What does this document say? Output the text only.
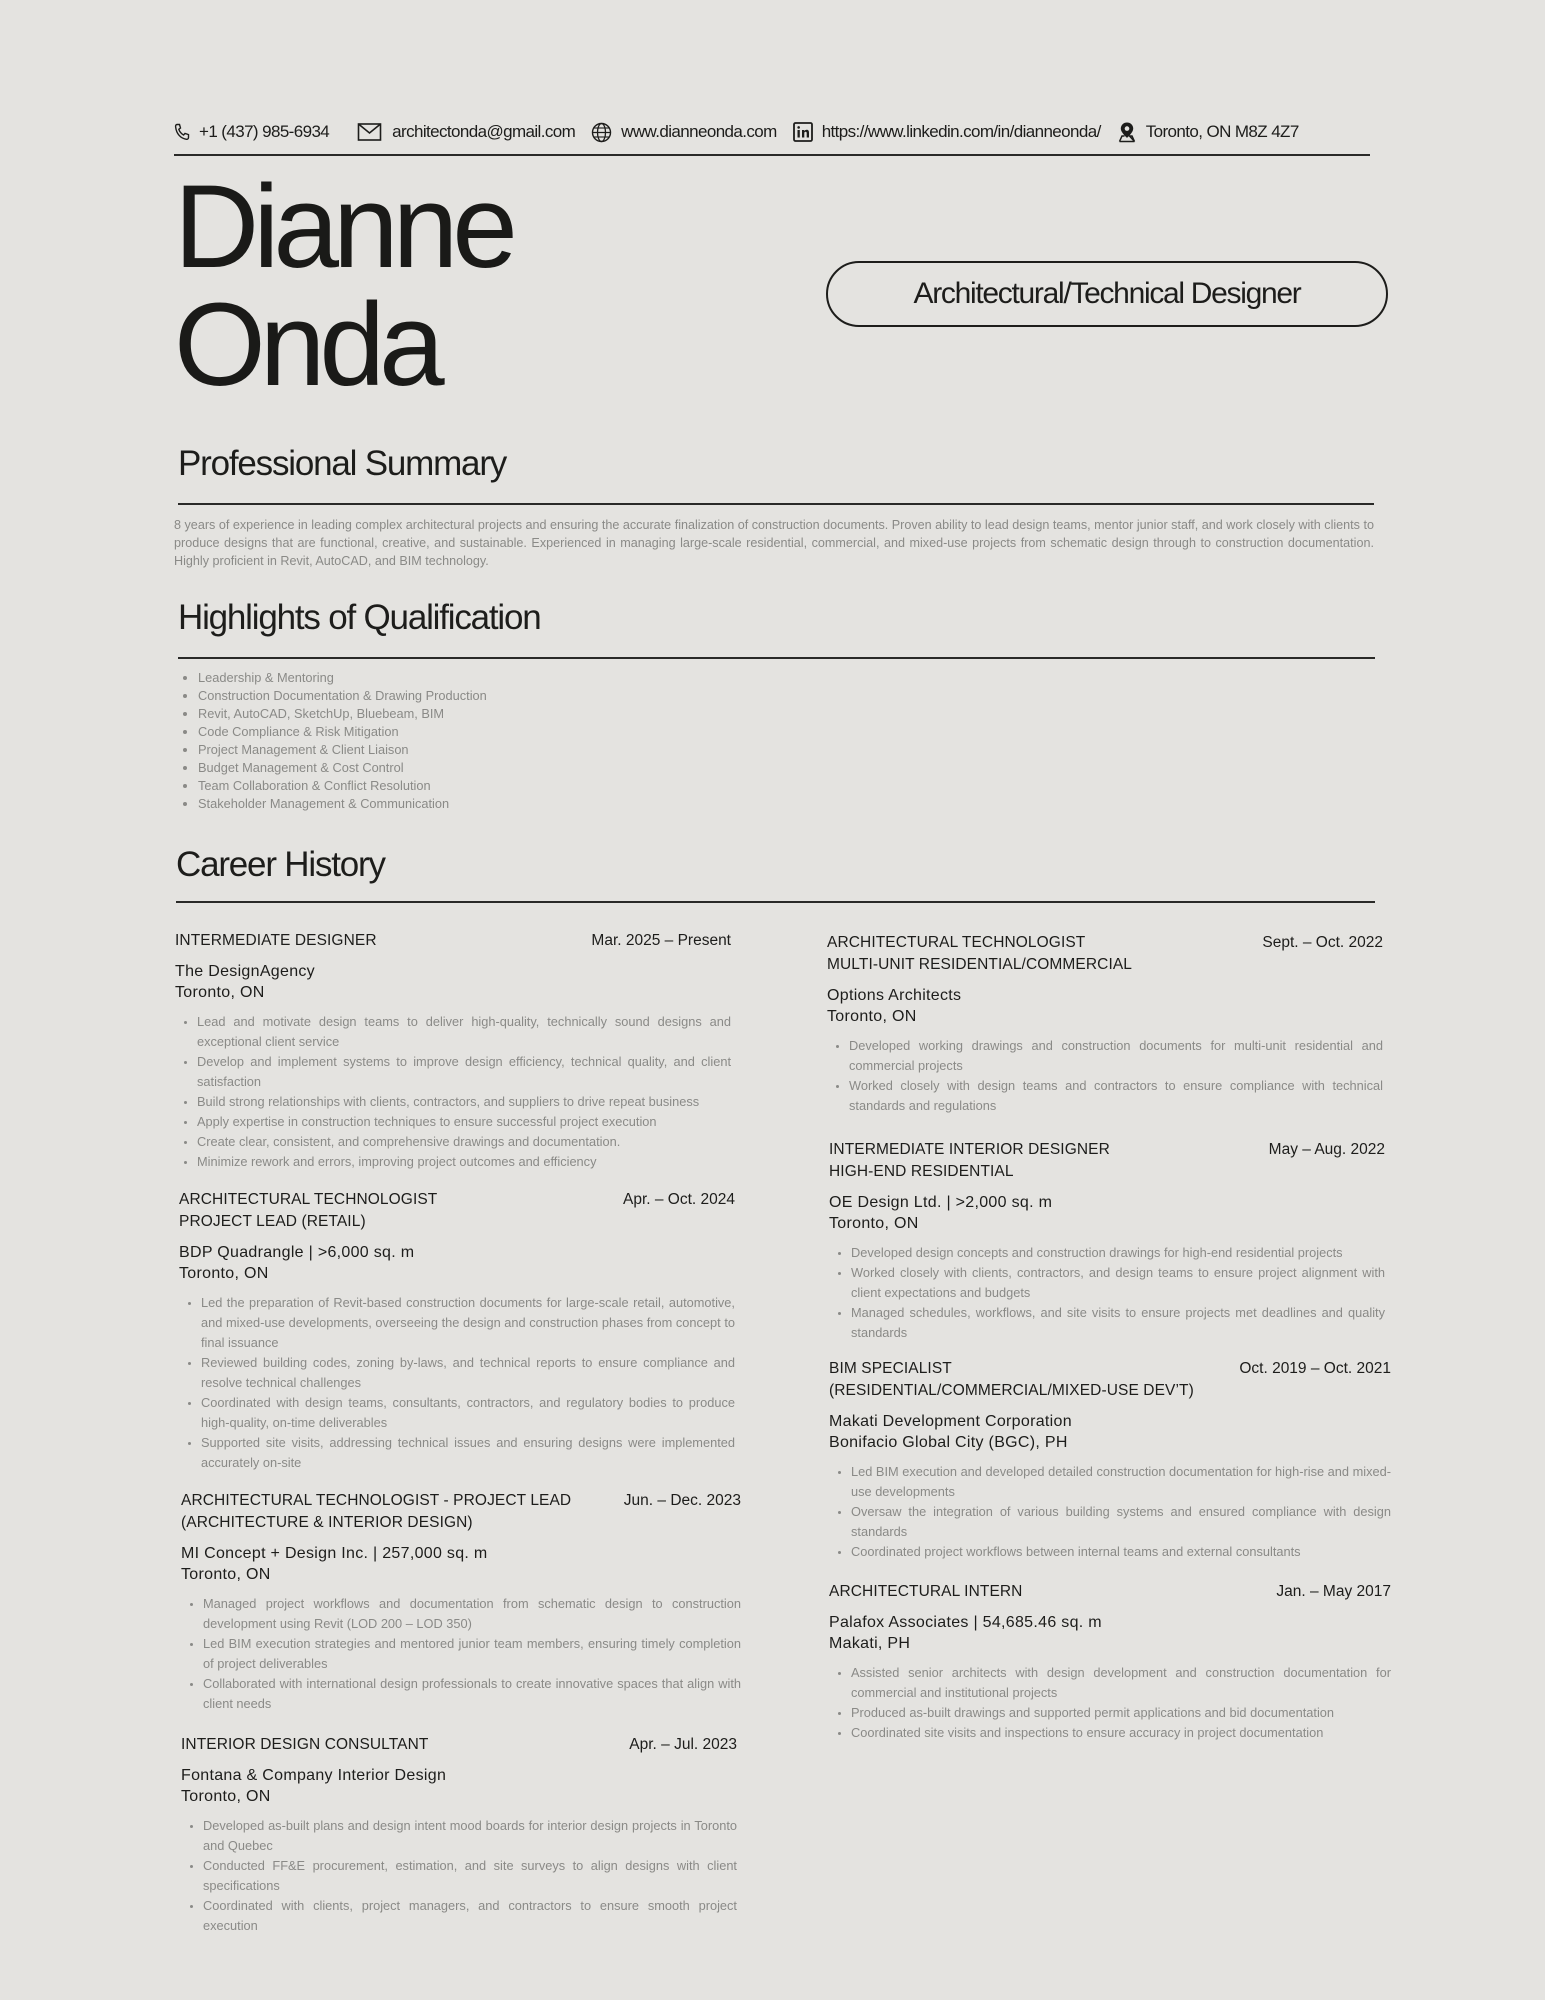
+1 (437) 985-6934	architectonda@gmail.com	www.dianneonda.com	https://www.linkedin.com/in/dianneonda/	Toronto, ON M8Z 4Z7
Dianne
Onda	Architectural/Technical Designer
Professional Summary
8 years of experience in leading complex architectural projects and ensuring the accurate finalization of construction documents. Proven ability to lead design teams, mentor junior staff, and work closely with clients to produce designs that are functional, creative, and sustainable. Experienced in managing large-scale residential, commercial, and mixed-use projects from schematic design through to construction documentation. Highly proficient in Revit, AutoCAD, and BIM technology.
Highlights of Qualification
• Leadership & Mentoring
• Construction Documentation & Drawing Production
• Revit, AutoCAD, SketchUp, Bluebeam, BIM
• Code Compliance & Risk Mitigation
• Project Management & Client Liaison
• Budget Management & Cost Control
• Team Collaboration & Conflict Resolution
• Stakeholder Management & Communication
Career History
INTERMEDIATE DESIGNER	Mar. 2025 – Present
The DesignAgency
Toronto, ON
• Lead and motivate design teams to deliver high-quality, technically sound designs and exceptional client service
• Develop and implement systems to improve design efficiency, technical quality, and client satisfaction
• Build strong relationships with clients, contractors, and suppliers to drive repeat business
• Apply expertise in construction techniques to ensure successful project execution
• Create clear, consistent, and comprehensive drawings and documentation.
• Minimize rework and errors, improving project outcomes and efficiency
ARCHITECTURAL TECHNOLOGIST
PROJECT LEAD (RETAIL)
Apr. – Oct. 2024
BDP Quadrangle | >6,000 sq. m
Toronto, ON
• Led the preparation of Revit-based construction documents for large-scale retail, automotive, and mixed-use developments, overseeing the design and construction phases from concept to final issuance
• Reviewed building codes, zoning by-laws, and technical reports to ensure compliance and resolve technical challenges
• Coordinated with design teams, consultants, contractors, and regulatory bodies to produce high-quality, on-time deliverables
• Supported site visits, addressing technical issues and ensuring designs were implemented accurately on-site
ARCHITECTURAL TECHNOLOGIST - PROJECT LEAD
(ARCHITECTURE & INTERIOR DESIGN)
Jun. – Dec. 2023
MI Concept + Design Inc. | 257,000 sq. m
Toronto, ON
• Managed project workflows and documentation from schematic design to construction development using Revit (LOD 200 – LOD 350)
• Led BIM execution strategies and mentored junior team members, ensuring timely completion of project deliverables
• Collaborated with international design professionals to create innovative spaces that align with client needs
INTERIOR DESIGN CONSULTANT	Apr. – Jul. 2023
Fontana & Company Interior Design
Toronto, ON
• Developed as-built plans and design intent mood boards for interior design projects in Toronto and Quebec
• Conducted FF&E procurement, estimation, and site surveys to align designs with client specifications
• Coordinated with clients, project managers, and contractors to ensure smooth project execution
ARCHITECTURAL TECHNOLOGIST
MULTI-UNIT RESIDENTIAL/COMMERCIAL
Sept. – Oct. 2022
Options Architects
Toronto, ON
• Developed working drawings and construction documents for multi-unit residential and commercial projects
• Worked closely with design teams and contractors to ensure compliance with technical standards and regulations
INTERMEDIATE INTERIOR DESIGNER
HIGH-END RESIDENTIAL
May – Aug. 2022
OE Design Ltd. | >2,000 sq. m
Toronto, ON
• Developed design concepts and construction drawings for high-end residential projects
• Worked closely with clients, contractors, and design teams to ensure project alignment with client expectations and budgets
• Managed schedules, workflows, and site visits to ensure projects met deadlines and quality standards
BIM SPECIALIST
(RESIDENTIAL/COMMERCIAL/MIXED-USE DEV’T)
Oct. 2019 – Oct. 2021
Makati Development Corporation
Bonifacio Global City (BGC), PH
• Led BIM execution and developed detailed construction documentation for high-rise and mixed-use developments
• Oversaw the integration of various building systems and ensured compliance with design standards
• Coordinated project workflows between internal teams and external consultants
ARCHITECTURAL INTERN	Jan. – May 2017
Palafox Associates | 54,685.46 sq. m
Makati, PH
• Assisted senior architects with design development and construction documentation for commercial and institutional projects
• Produced as-built drawings and supported permit applications and bid documentation
• Coordinated site visits and inspections to ensure accuracy in project documentation
